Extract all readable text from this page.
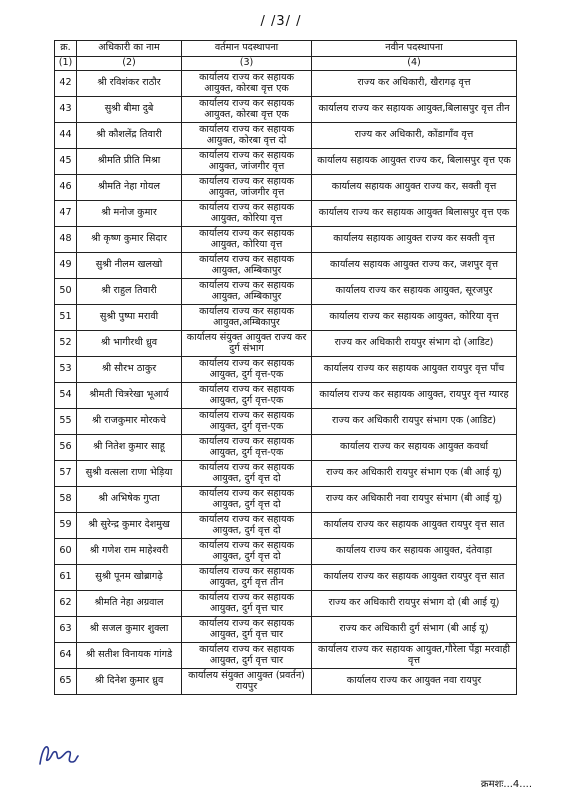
/ /3/ /
क्र.	अधिकारी का नाम	वर्तमान पदस्थापना	नवीन पदस्थापना
(1)	(2)	(3)	(4)
42	श्री रविशंकर राठौर	कार्यालय राज्य कर सहायक आयुक्त, कोरबा वृत्त एक	राज्य कर अधिकारी, खैरागढ़ वृत्त
43	सुश्री बीमा दुबे	कार्यालय राज्य कर सहायक आयुक्त, कोरबा वृत्त एक	कार्यालय राज्य कर सहायक आयुक्त,बिलासपुर वृत्त तीन
44	श्री कौशलेंद्र तिवारी	कार्यालय राज्य कर सहायक आयुक्त, कोरबा वृत्त दो	राज्य कर अधिकारी, कोंडागाँव वृत्त
45	श्रीमति प्रीति मिश्रा	कार्यालय राज्य कर सहायक आयुक्त, जांजगीर वृत्त	कार्यालय सहायक आयुक्त राज्य कर, बिलासपुर वृत्त एक
46	श्रीमति नेहा गोयल	कार्यालय राज्य कर सहायक आयुक्त, जांजगीर वृत्त	कार्यालय सहायक आयुक्त राज्य कर, सक्ती वृत्त
47	श्री मनोज कुमार	कार्यालय राज्य कर सहायक आयुक्त, कोरिया वृत्त	कार्यालय राज्य कर सहायक आयुक्त बिलासपुर वृत्त एक
48	श्री कृष्ण कुमार सिदार	कार्यालय राज्य कर सहायक आयुक्त, कोरिया वृत्त	कार्यालय सहायक आयुक्त राज्य कर सक्ती वृत्त
49	सुश्री नीलम खलखो	कार्यालय राज्य कर सहायक आयुक्त, अम्बिकापुर	कार्यालय सहायक आयुक्त राज्य कर, जशपुर वृत्त
50	श्री राहुल तिवारी	कार्यालय राज्य कर सहायक आयुक्त, अम्बिकापुर	कार्यालय राज्य कर सहायक आयुक्त, सूरजपुर
51	सुश्री पुष्पा मरावी	कार्यालय राज्य कर सहायक आयुक्त,अम्बिकापुर	कार्यालय राज्य कर सहायक आयुक्त, कोरिया वृत्त
52	श्री भागीरथी ध्रुव	कार्यालय संयुक्त आयुक्त राज्य कर दुर्ग संभाग	राज्य कर अधिकारी रायपुर संभाग दो (आडिट)
53	श्री सौरभ ठाकुर	कार्यालय राज्य कर सहायक आयुक्त, दुर्ग वृत्त-एक	कार्यालय राज्य कर सहायक आयुक्त रायपुर वृत्त पाँच
54	श्रीमती चित्ररेखा भूआर्य	कार्यालय राज्य कर सहायक आयुक्त, दुर्ग वृत्त-एक	कार्यालय राज्य कर सहायक आयुक्त, रायपुर वृत्त ग्यारह
55	श्री राजकुमार मोरकचे	कार्यालय राज्य कर सहायक आयुक्त, दुर्ग वृत्त-एक	राज्य कर अधिकारी रायपुर संभाग एक (आडिट)
56	श्री नितेश कुमार साहू	कार्यालय राज्य कर सहायक आयुक्त, दुर्ग वृत्त-एक	कार्यालय राज्य कर सहायक आयुक्त कवर्धा
57	सुश्री वत्सला राणा भेड़िया	कार्यालय राज्य कर सहायक आयुक्त, दुर्ग वृत्त दो	राज्य कर अधिकारी रायपुर संभाग एक (बी आई यू)
58	श्री अभिषेक गुप्ता	कार्यालय राज्य कर सहायक आयुक्त, दुर्ग वृत्त दो	राज्य कर अधिकारी नवा रायपुर संभाग (बी आई यू)
59	श्री सुरेन्द्र कुमार देशमुख	कार्यालय राज्य कर सहायक आयुक्त, दुर्ग वृत्त दो	कार्यालय राज्य कर सहायक आयुक्त रायपुर वृत्त सात
60	श्री गणेश राम माहेश्वरी	कार्यालय राज्य कर सहायक आयुक्त, दुर्ग वृत्त दो	कार्यालय राज्य कर सहायक आयुक्त, दंतेवाड़ा
61	सुश्री पूनम खोब्रागढ़े	कार्यालय राज्य कर सहायक आयुक्त, दुर्ग वृत्त तीन	कार्यालय राज्य कर सहायक आयुक्त रायपुर वृत्त सात
62	श्रीमति नेहा अग्रवाल	कार्यालय राज्य कर सहायक आयुक्त, दुर्ग वृत्त चार	राज्य कर अधिकारी रायपुर संभाग दो (बी आई यू)
63	श्री सजल कुमार शुक्ला	कार्यालय राज्य कर सहायक आयुक्त, दुर्ग वृत्त चार	राज्य कर अधिकारी दुर्ग संभाग (बी आई यू)
64	श्री सतीश विनायक गांगडे	कार्यालय राज्य कर सहायक आयुक्त, दुर्ग वृत्त चार	कार्यालय राज्य कर सहायक आयुक्त,गौरेला पेंड्रा मरवाही वृत्त
65	श्री दिनेश कुमार ध्रुव	कार्यालय संयुक्त आयुक्त (प्रवर्तन) रायपुर	कार्यालय राज्य कर आयुक्त नवा रायपुर
क्रमशः...4....
